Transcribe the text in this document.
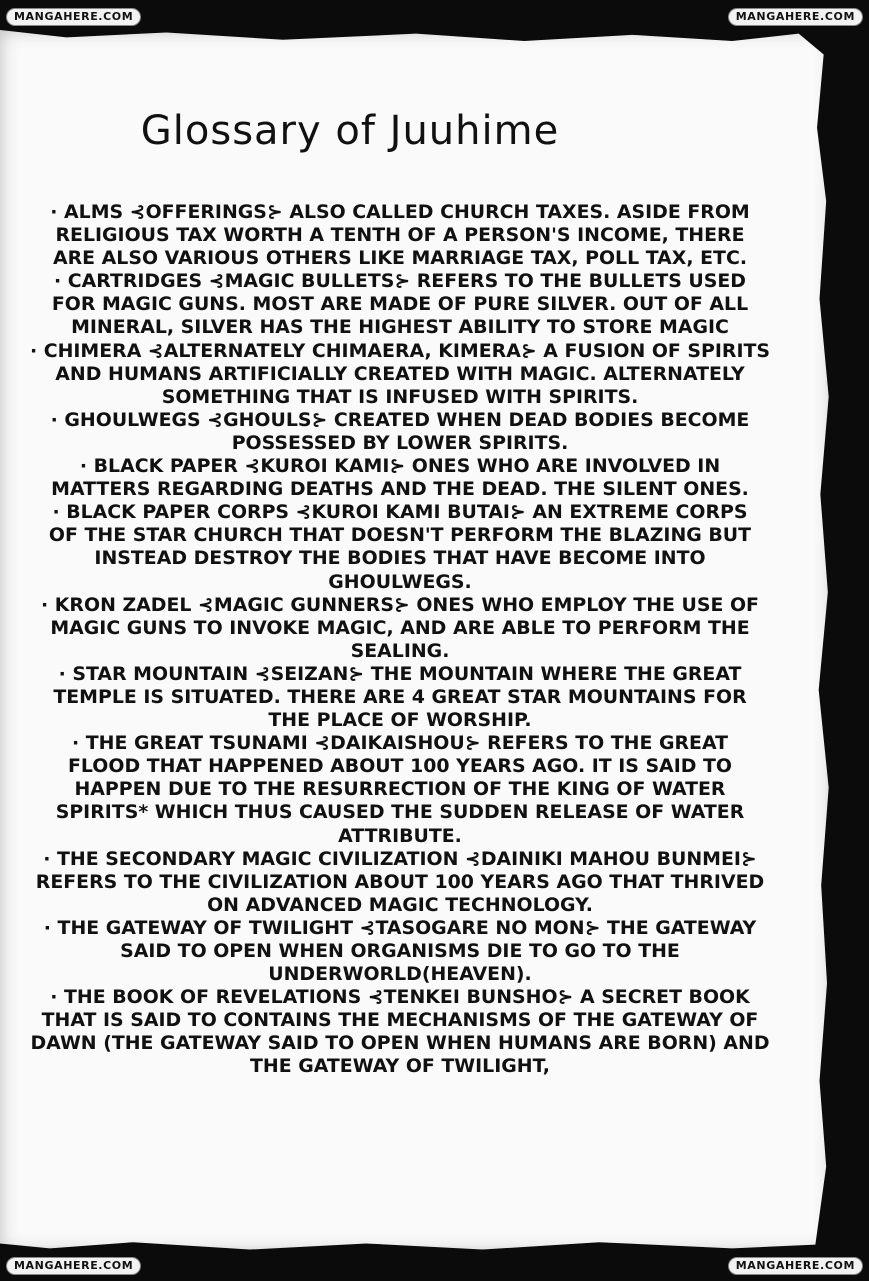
MANGAHERE.COM	MANGAHERE.COM
MANGAHERE.COM	MANGAHERE.COM
Glossary of Juuhime
· ALMS ⊰OFFERINGS⊱ ALSO CALLED CHURCH TAXES. ASIDE FROM
RELIGIOUS TAX WORTH A TENTH OF A PERSON'S INCOME, THERE
ARE ALSO VARIOUS OTHERS LIKE MARRIAGE TAX, POLL TAX, ETC.
· CARTRIDGES ⊰MAGIC BULLETS⊱ REFERS TO THE BULLETS USED
FOR MAGIC GUNS. MOST ARE MADE OF PURE SILVER. OUT OF ALL
MINERAL, SILVER HAS THE HIGHEST ABILITY TO STORE MAGIC
· CHIMERA ⊰ALTERNATELY CHIMAERA, KIMERA⊱ A FUSION OF SPIRITS
AND HUMANS ARTIFICIALLY CREATED WITH MAGIC. ALTERNATELY
SOMETHING THAT IS INFUSED WITH SPIRITS.
· GHOULWEGS ⊰GHOULS⊱ CREATED WHEN DEAD BODIES BECOME
POSSESSED BY LOWER SPIRITS.
· BLACK PAPER ⊰KUROI KAMI⊱ ONES WHO ARE INVOLVED IN
MATTERS REGARDING DEATHS AND THE DEAD. THE SILENT ONES.
· BLACK PAPER CORPS ⊰KUROI KAMI BUTAI⊱ AN EXTREME CORPS
OF THE STAR CHURCH THAT DOESN'T PERFORM THE BLAZING BUT
INSTEAD DESTROY THE BODIES THAT HAVE BECOME INTO
GHOULWEGS.
· KRON ZADEL ⊰MAGIC GUNNERS⊱ ONES WHO EMPLOY THE USE OF
MAGIC GUNS TO INVOKE MAGIC, AND ARE ABLE TO PERFORM THE
SEALING.
· STAR MOUNTAIN ⊰SEIZAN⊱ THE MOUNTAIN WHERE THE GREAT
TEMPLE IS SITUATED. THERE ARE 4 GREAT STAR MOUNTAINS FOR
THE PLACE OF WORSHIP.
· THE GREAT TSUNAMI ⊰DAIKAISHOU⊱ REFERS TO THE GREAT
FLOOD THAT HAPPENED ABOUT 100 YEARS AGO. IT IS SAID TO
HAPPEN DUE TO THE RESURRECTION OF THE KING OF WATER
SPIRITS* WHICH THUS CAUSED THE SUDDEN RELEASE OF WATER
ATTRIBUTE.
· THE SECONDARY MAGIC CIVILIZATION ⊰DAINIKI MAHOU BUNMEI⊱
REFERS TO THE CIVILIZATION ABOUT 100 YEARS AGO THAT THRIVED
ON ADVANCED MAGIC TECHNOLOGY.
· THE GATEWAY OF TWILIGHT ⊰TASOGARE NO MON⊱ THE GATEWAY
SAID TO OPEN WHEN ORGANISMS DIE TO GO TO THE
UNDERWORLD(HEAVEN).
· THE BOOK OF REVELATIONS ⊰TENKEI BUNSHO⊱ A SECRET BOOK
THAT IS SAID TO CONTAINS THE MECHANISMS OF THE GATEWAY OF
DAWN (THE GATEWAY SAID TO OPEN WHEN HUMANS ARE BORN) AND
THE GATEWAY OF TWILIGHT,
